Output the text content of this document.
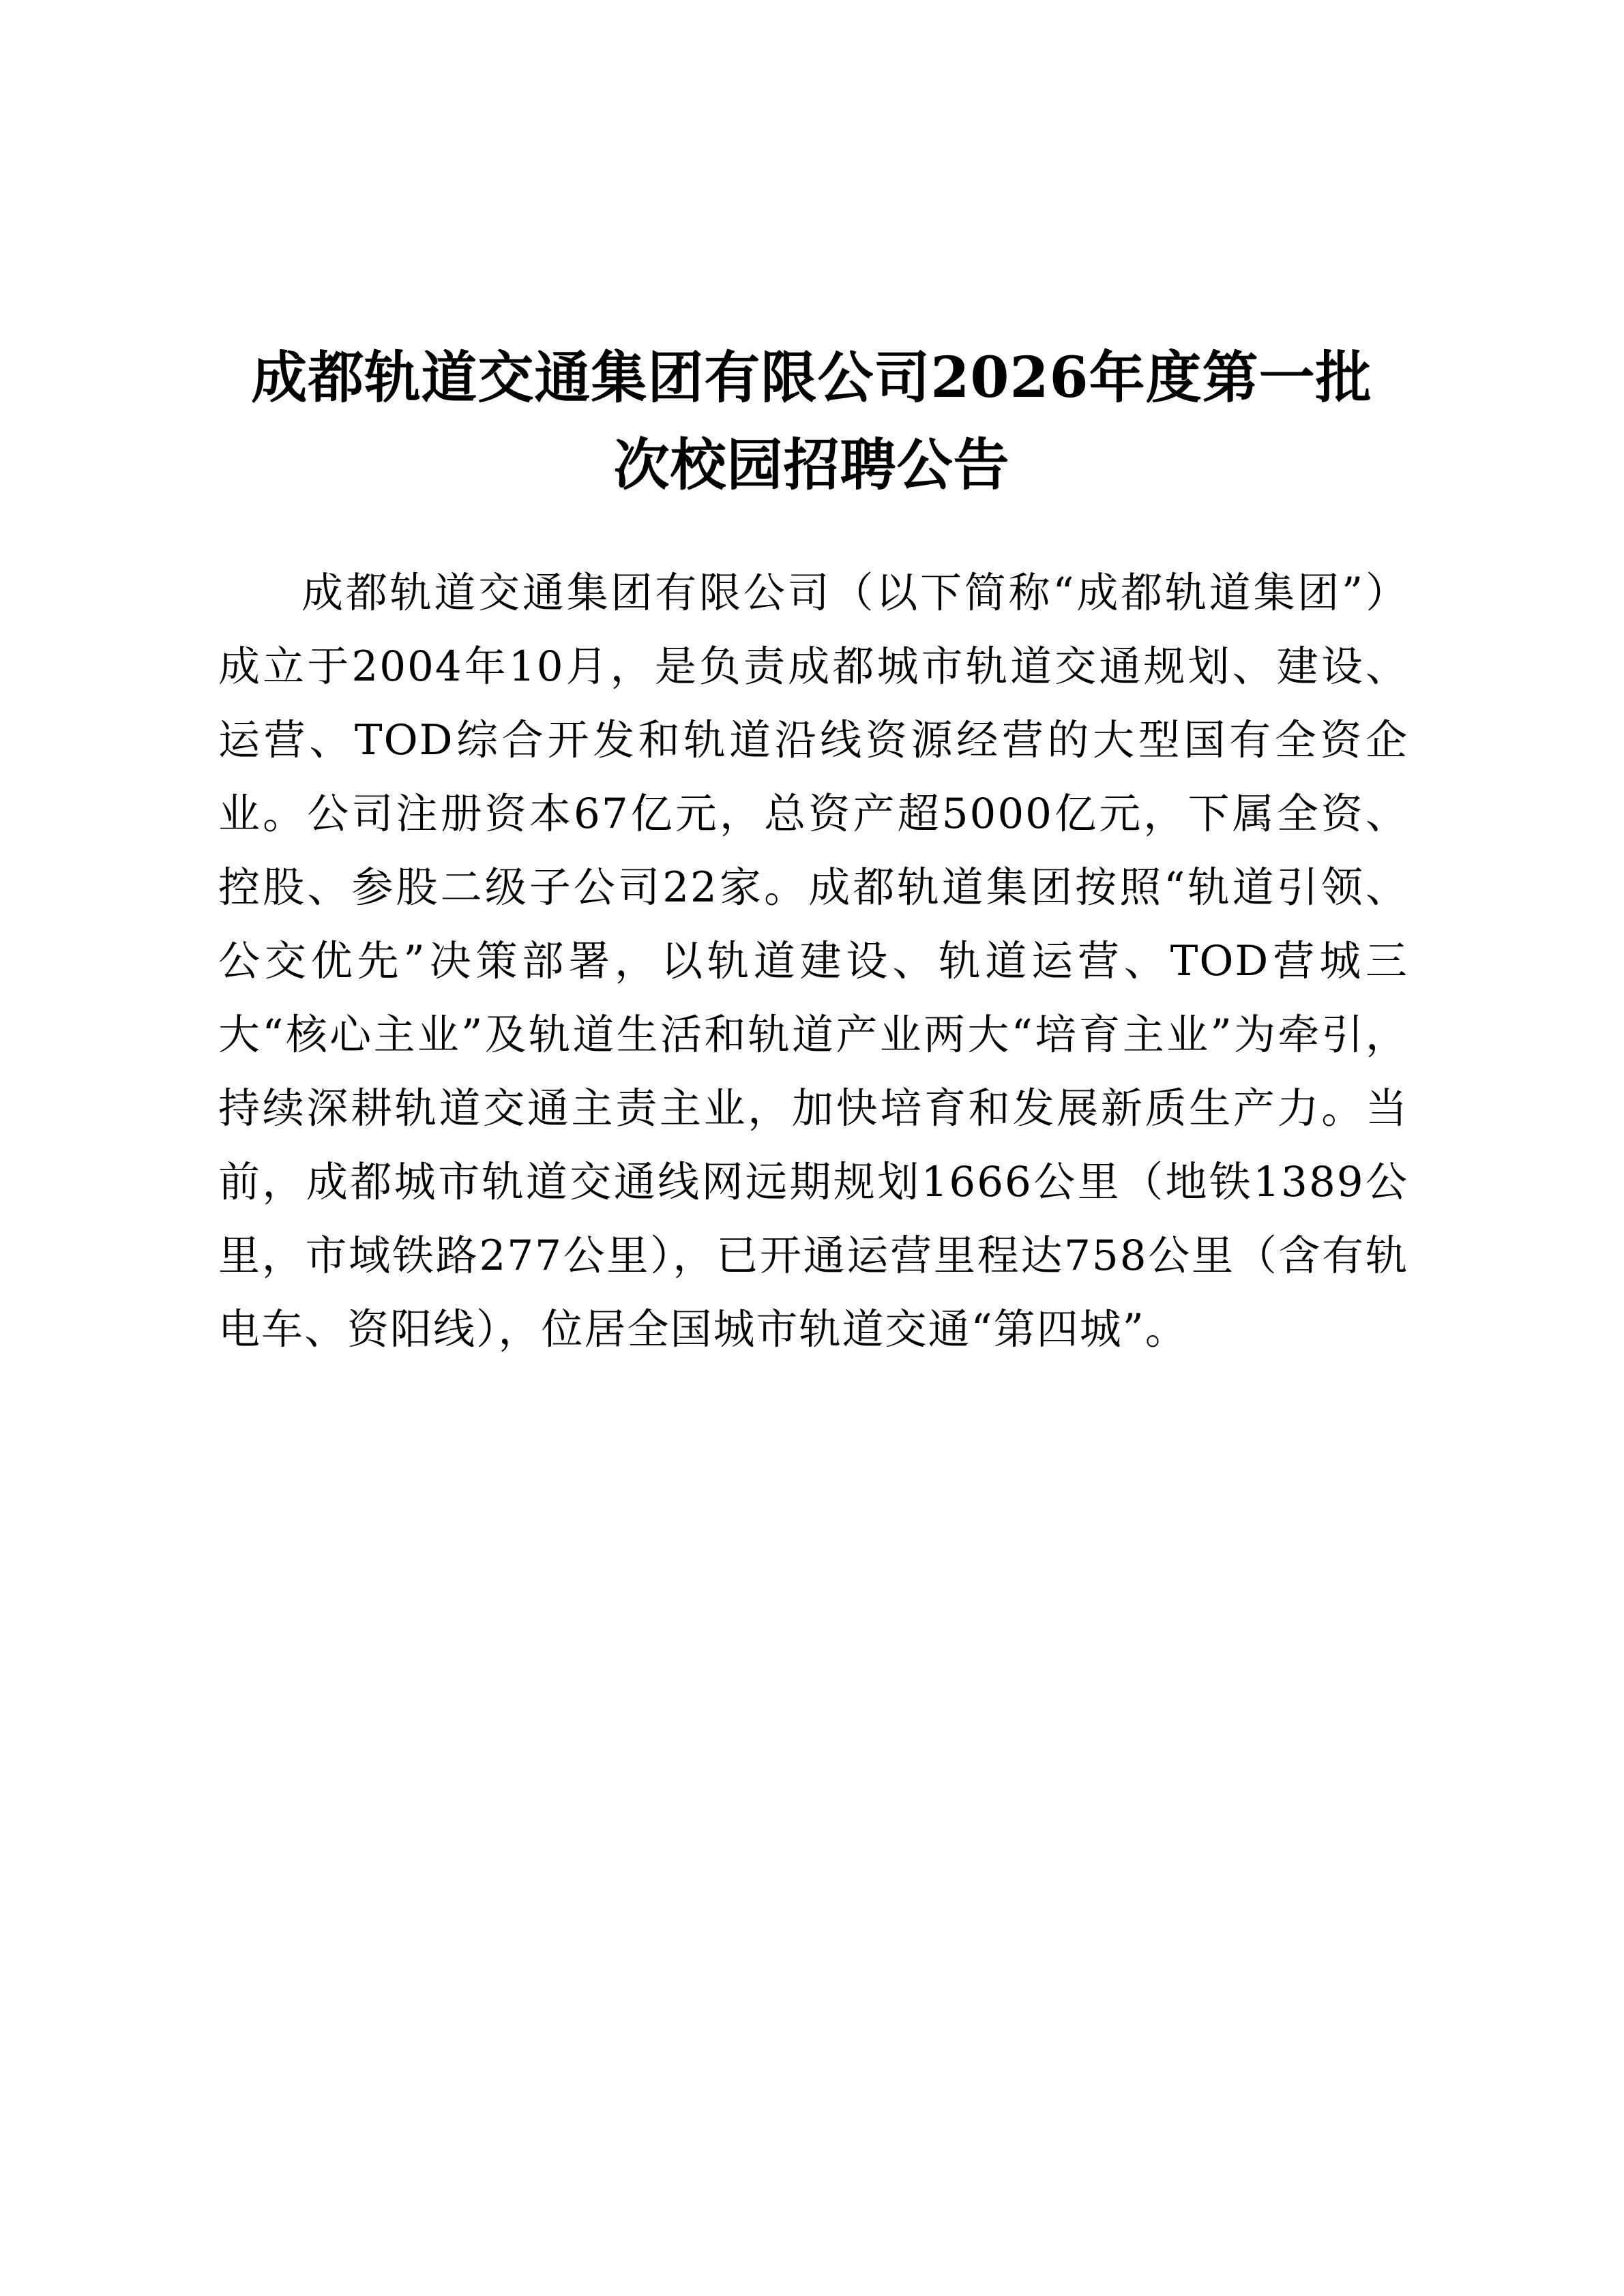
成都轨道交通集团有限公司2026年度第一批
次校园招聘公告

成都轨道交通集团有限公司（以下简称“成都轨道集团”）成立于2004年10月，是负责成都城市轨道交通规划、建设、运营、TOD综合开发和轨道沿线资源经营的大型国有全资企业。公司注册资本67亿元，总资产超5000亿元，下属全资、控股、参股二级子公司22家。成都轨道集团按照“轨道引领、公交优先”决策部署，以轨道建设、轨道运营、TOD营城三大“核心主业”及轨道生活和轨道产业两大“培育主业”为牵引，持续深耕轨道交通主责主业，加快培育和发展新质生产力。当前，成都城市轨道交通线网远期规划1666公里（地铁1389公里，市域铁路277公里），已开通运营里程达758公里（含有轨电车、资阳线），位居全国城市轨道交通“第四城”。
